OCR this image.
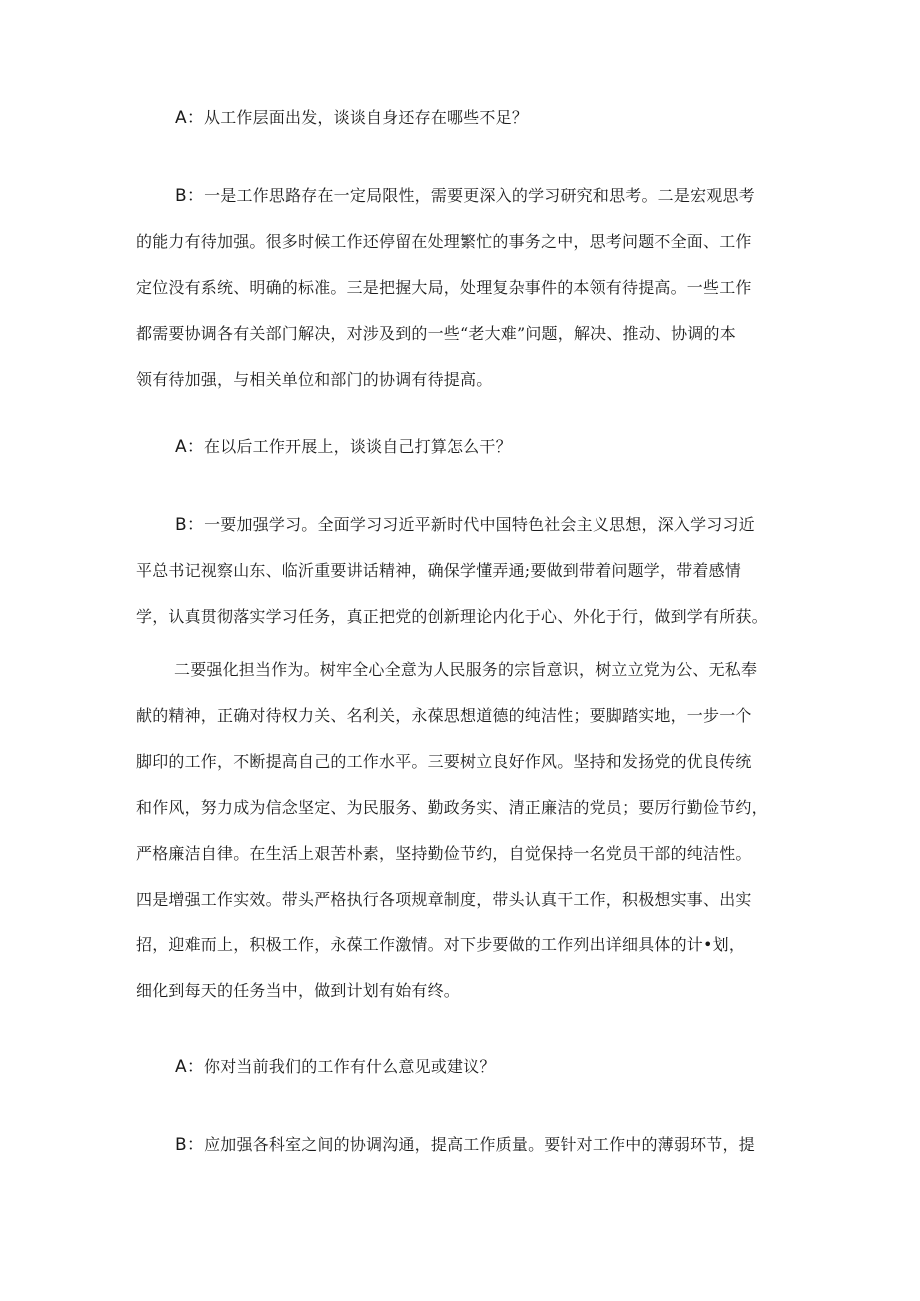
A：从工作层面出发，谈谈自身还存在哪些不足？
B：一是工作思路存在一定局限性，需要更深入的学习研究和思考。二是宏观思考
的能力有待加强。很多时候工作还停留在处理繁忙的事务之中，思考问题不全面、工作
定位没有系统、明确的标准。三是把握大局，处理复杂事件的本领有待提高。一些工作
都需要协调各有关部门解决，对涉及到的一些“老大难”问题，解决、推动、协调的本
领有待加强，与相关单位和部门的协调有待提高。
A：在以后工作开展上，谈谈自己打算怎么干？
B：一要加强学习。全面学习习近平新时代中国特色社会主义思想，深入学习习近
平总书记视察山东、临沂重要讲话精神，确保学懂弄通;要做到带着问题学，带着感情
学，认真贯彻落实学习任务，真正把党的创新理论内化于心、外化于行，做到学有所获。
二要强化担当作为。树牢全心全意为人民服务的宗旨意识，树立立党为公、无私奉
献的精神，正确对待权力关、名利关，永葆思想道德的纯洁性；要脚踏实地，一步一个
脚印的工作，不断提高自己的工作水平。三要树立良好作风。坚持和发扬党的优良传统
和作风，努力成为信念坚定、为民服务、勤政务实、清正廉洁的党员；要厉行勤俭节约，
严格廉洁自律。在生活上艰苦朴素，坚持勤俭节约，自觉保持一名党员干部的纯洁性。
四是增强工作实效。带头严格执行各项规章制度，带头认真干工作，积极想实事、出实
招，迎难而上，积极工作，永葆工作激情。对下步要做的工作列出详细具体的计•划，
细化到每天的任务当中，做到计划有始有终。
A：你对当前我们的工作有什么意见或建议？
B：应加强各科室之间的协调沟通，提高工作质量。要针对工作中的薄弱环节，提
